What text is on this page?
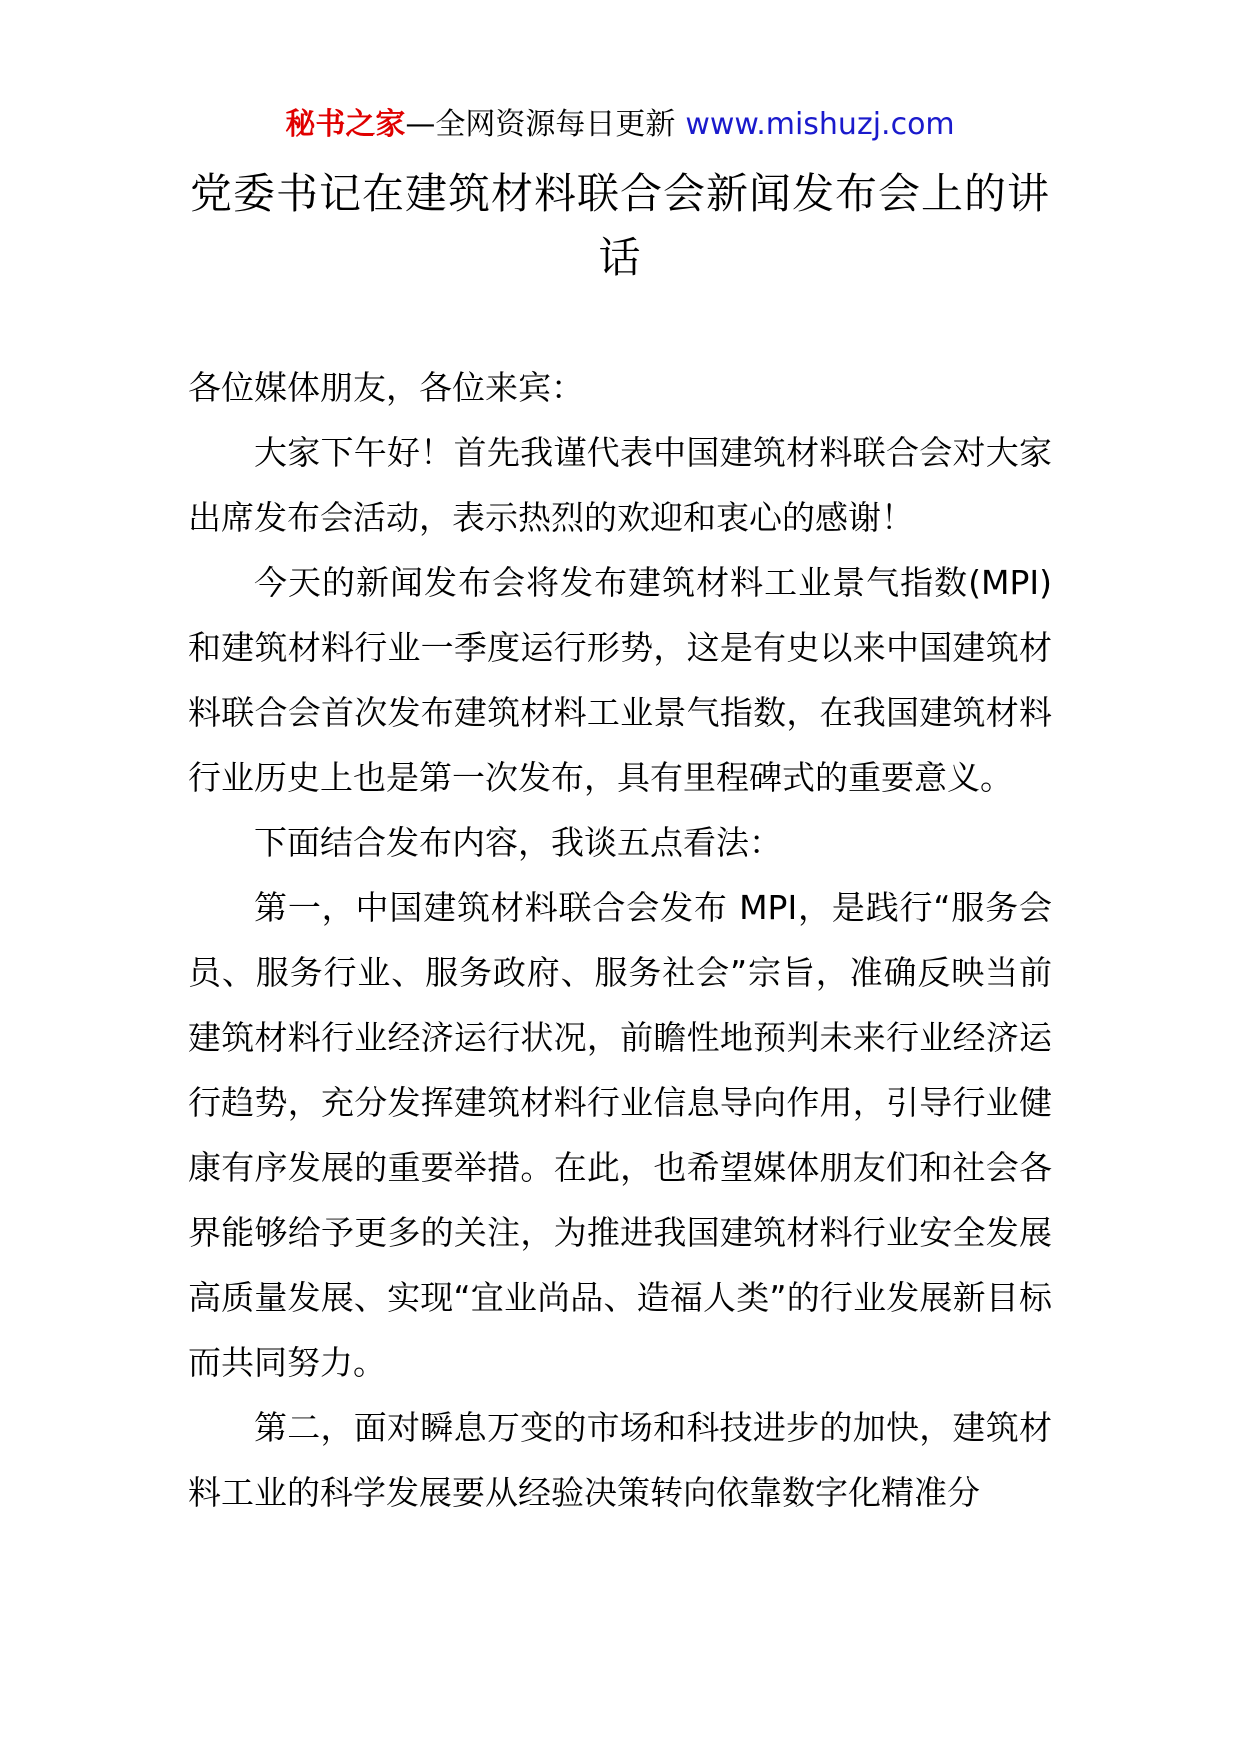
秘书之家—全网资源每日更新 www.mishuzj.com
党委书记在建筑材料联合会新闻发布会上的讲话

各位媒体朋友，各位来宾：

大家下午好！首先我谨代表中国建筑材料联合会对大家出席发布会活动，表示热烈的欢迎和衷心的感谢！

今天的新闻发布会将发布建筑材料工业景气指数(MPI)和建筑材料行业一季度运行形势，这是有史以来中国建筑材料联合会首次发布建筑材料工业景气指数，在我国建筑材料行业历史上也是第一次发布，具有里程碑式的重要意义。

下面结合发布内容，我谈五点看法：

第一，中国建筑材料联合会发布 MPI，是践行“服务会员、服务行业、服务政府、服务社会”宗旨，准确反映当前建筑材料行业经济运行状况，前瞻性地预判未来行业经济运行趋势，充分发挥建筑材料行业信息导向作用，引导行业健康有序发展的重要举措。在此，也希望媒体朋友们和社会各界能够给予更多的关注，为推进我国建筑材料行业安全发展高质量发展、实现“宜业尚品、造福人类”的行业发展新目标而共同努力。

第二，面对瞬息万变的市场和科技进步的加快，建筑材料工业的科学发展要从经验决策转向依靠数字化精准分
